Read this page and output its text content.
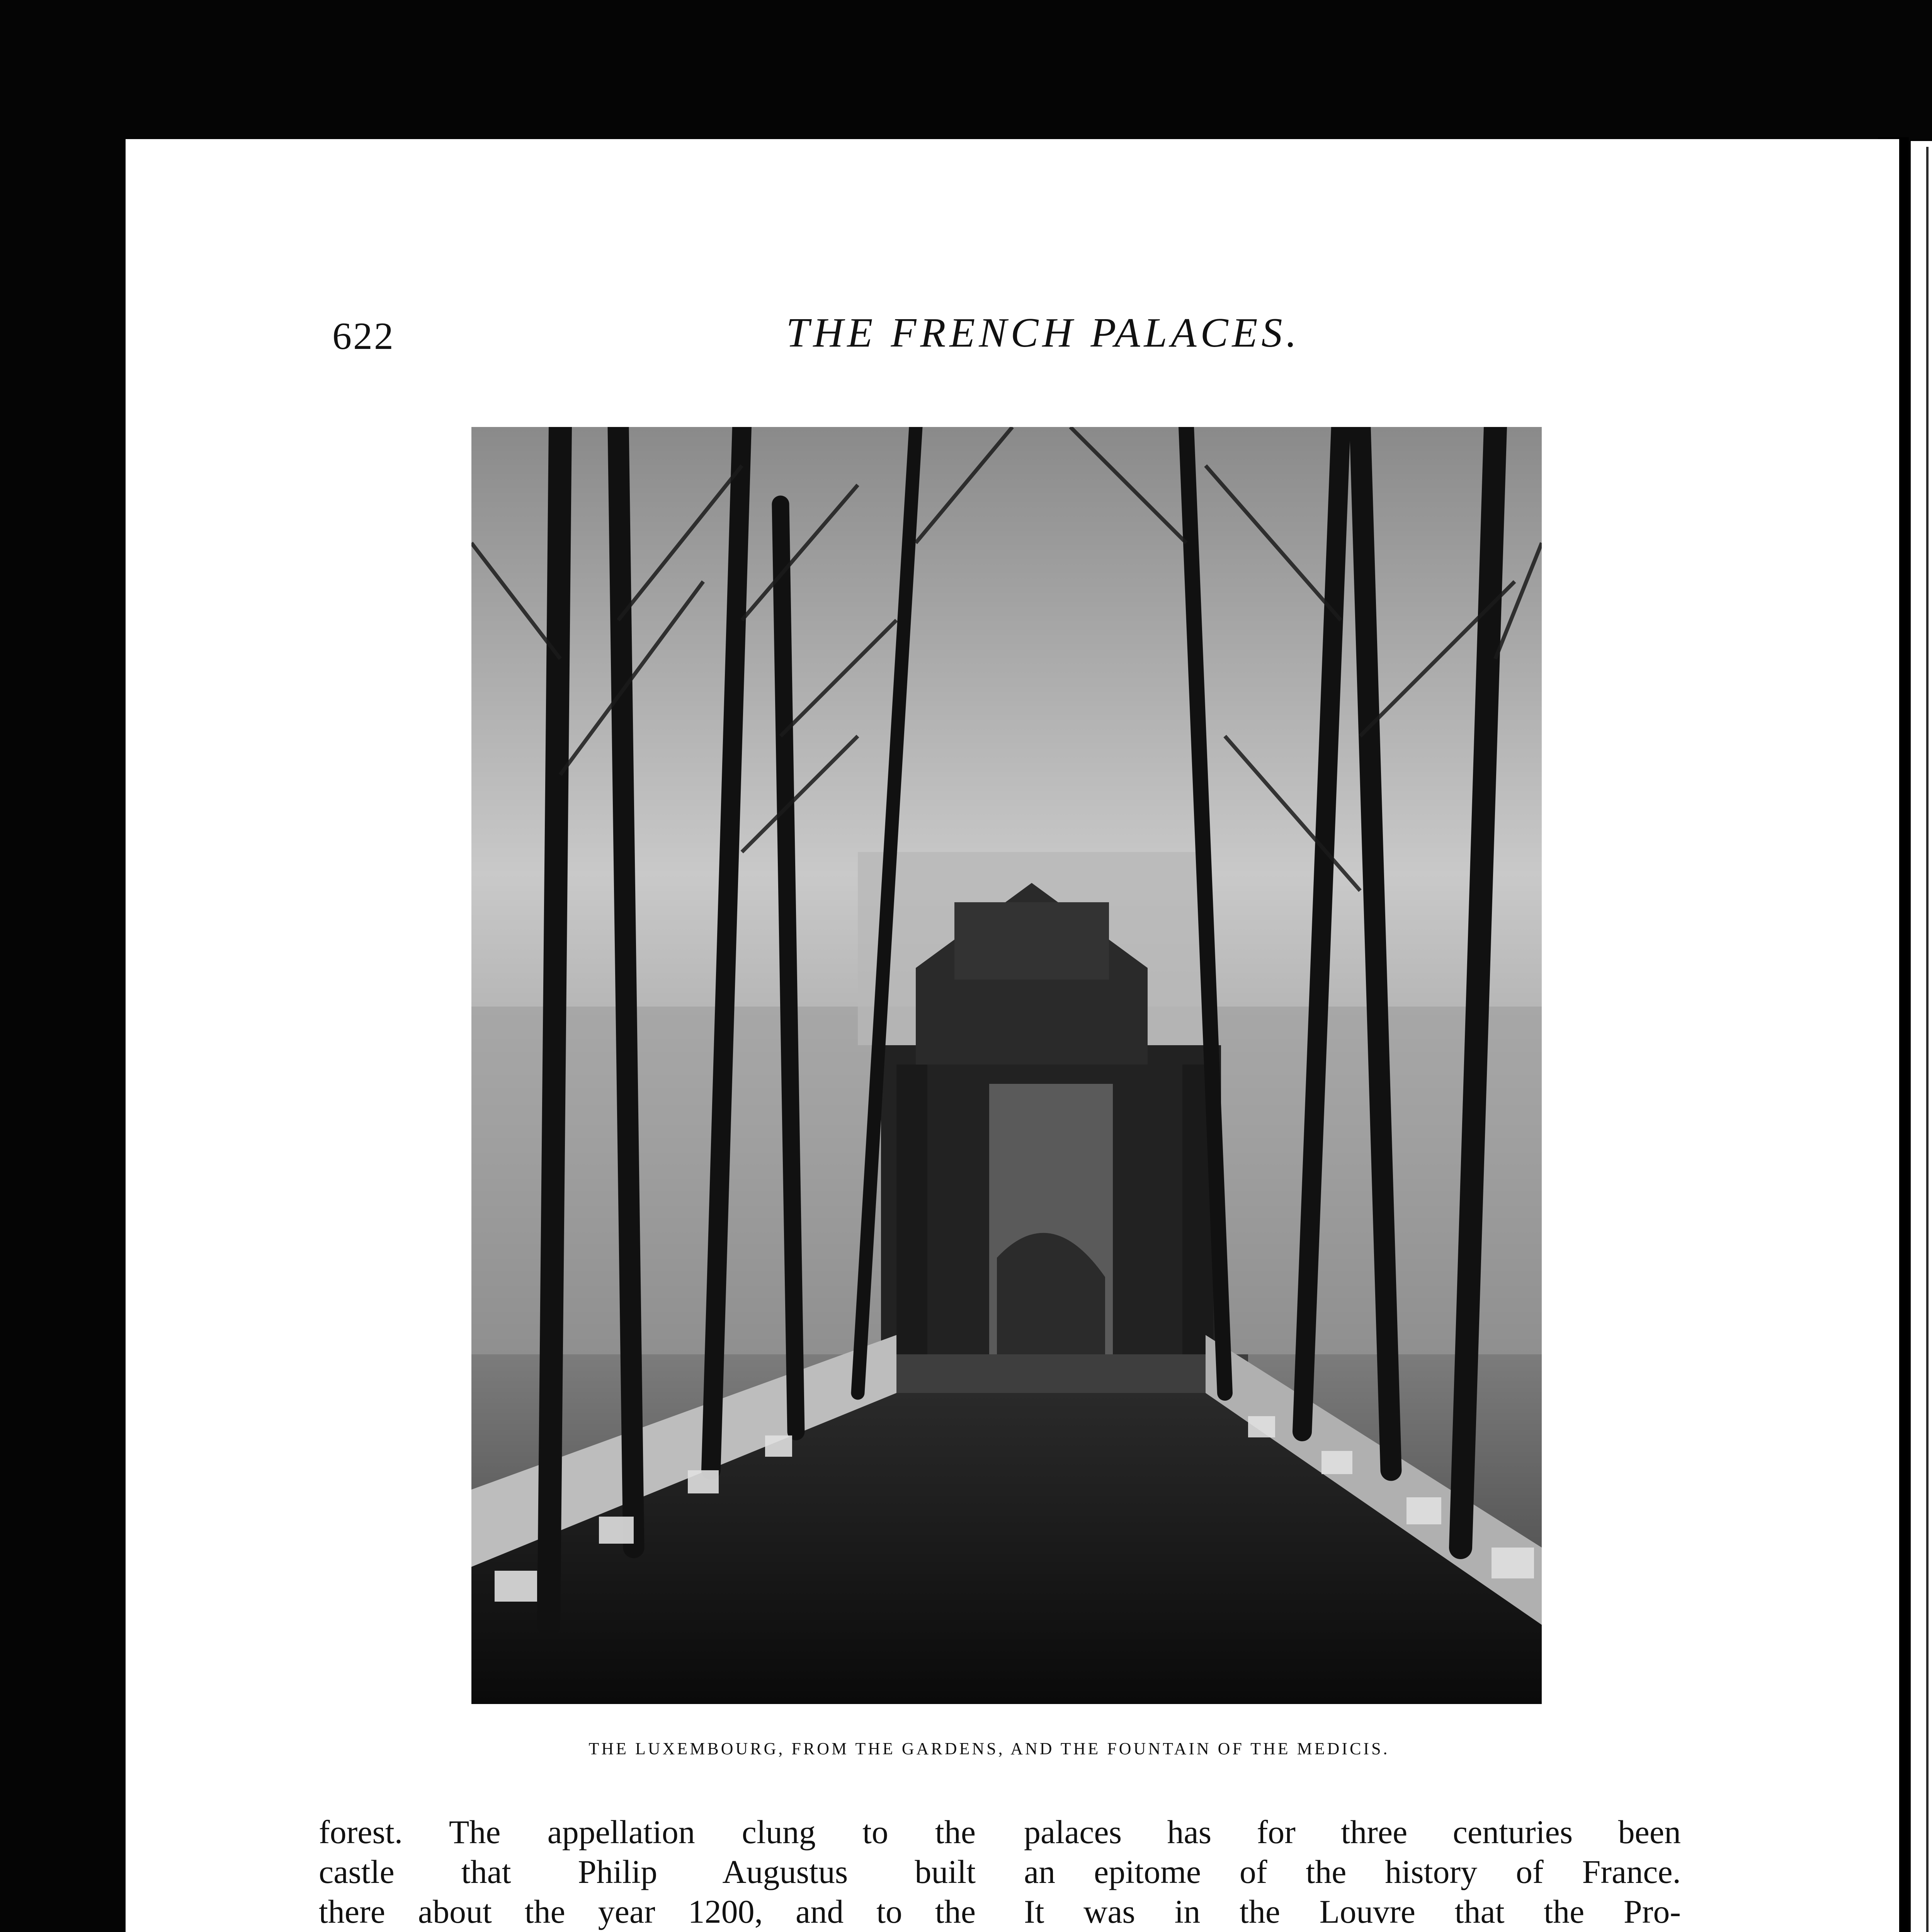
622	THE FRENCH PALACES.
THE LUXEMBOURG, FROM THE GARDENS, AND THE FOUNTAIN OF THE MEDICIS.
forest. The appellation clung to the
castle that Philip Augustus built
there about the year 1200, and to the
palaces has for three centuries been
an epitome of the history of France.
It was in the Louvre that the Pro-
